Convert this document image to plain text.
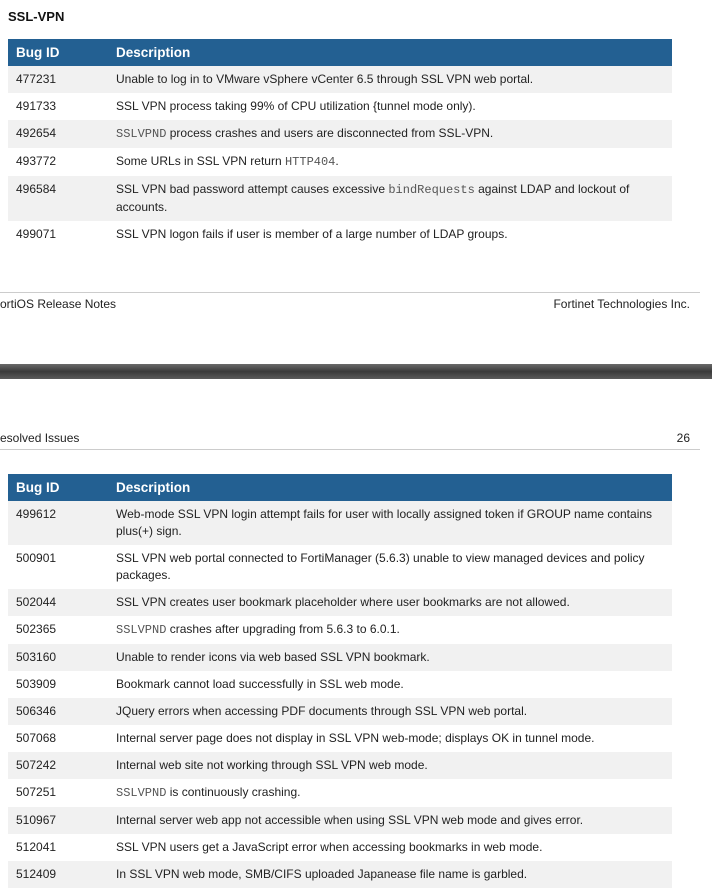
SSL-VPN
Bug ID	Description
477231	Unable to log in to VMware vSphere vCenter 6.5 through SSL VPN web portal.
491733	SSL VPN process taking 99% of CPU utilization {tunnel mode only).
492654	SSLVPND process crashes and users are disconnected from SSL-VPN.
493772	Some URLs in SSL VPN return HTTP404.
496584	SSL VPN bad password attempt causes excessive bindRequests against LDAP and lockout of accounts.
499071	SSL VPN logon fails if user is member of a large number of LDAP groups.
ortiOS Release Notes	Fortinet Technologies Inc.
esolved Issues	26
Bug ID	Description
499612	Web-mode SSL VPN login attempt fails for user with locally assigned token if GROUP name contains plus(+) sign.
500901	SSL VPN web portal connected to FortiManager (5.6.3) unable to view managed devices and policy packages.
502044	SSL VPN creates user bookmark placeholder where user bookmarks are not allowed.
502365	SSLVPND crashes after upgrading from 5.6.3 to 6.0.1.
503160	Unable to render icons via web based SSL VPN bookmark.
503909	Bookmark cannot load successfully in SSL web mode.
506346	JQuery errors when accessing PDF documents through SSL VPN web portal.
507068	Internal server page does not display in SSL VPN web-mode; displays OK in tunnel mode.
507242	Internal web site not working through SSL VPN web mode.
507251	SSLVPND is continuously crashing.
510967	Internal server web app not accessible when using SSL VPN web mode and gives error.
512041	SSL VPN users get a JavaScript error when accessing bookmarks in web mode.
512409	In SSL VPN web mode, SMB/CIFS uploaded Japanease file name is garbled.
